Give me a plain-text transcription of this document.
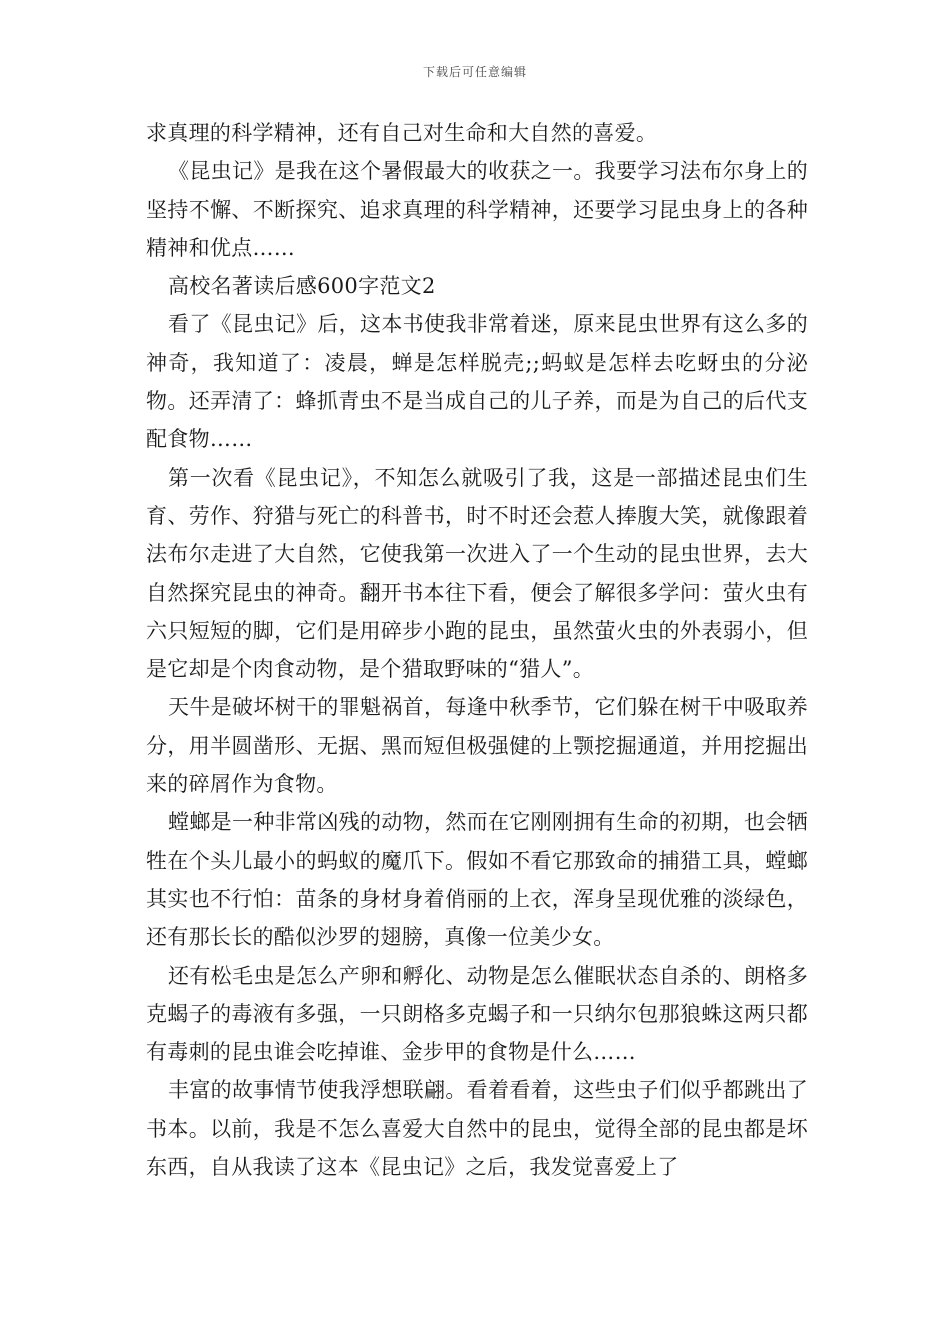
下载后可任意编辑

求真理的科学精神，还有自己对生命和大自然的喜爱。

《昆虫记》是我在这个暑假最大的收获之一。我要学习法布尔身上的坚持不懈、不断探究、追求真理的科学精神，还要学习昆虫身上的各种精神和优点……

高校名著读后感600字范文2

看了《昆虫记》后，这本书使我非常着迷，原来昆虫世界有这么多的神奇，我知道了：凌晨，蝉是怎样脱壳;;蚂蚁是怎样去吃蚜虫的分泌物。还弄清了：蜂抓青虫不是当成自己的儿子养，而是为自己的后代支配食物……

第一次看《昆虫记》，不知怎么就吸引了我，这是一部描述昆虫们生育、劳作、狩猎与死亡的科普书，时不时还会惹人捧腹大笑，就像跟着法布尔走进了大自然，它使我第一次进入了一个生动的昆虫世界，去大自然探究昆虫的神奇。翻开书本往下看，便会了解很多学问：萤火虫有六只短短的脚，它们是用碎步小跑的昆虫，虽然萤火虫的外表弱小，但是它却是个肉食动物，是个猎取野味的“猎人”。

天牛是破坏树干的罪魁祸首，每逢中秋季节，它们躲在树干中吸取养分，用半圆凿形、无据、黑而短但极强健的上颚挖掘通道，并用挖掘出来的碎屑作为食物。

螳螂是一种非常凶残的动物，然而在它刚刚拥有生命的初期，也会牺牲在个头儿最小的蚂蚁的魔爪下。假如不看它那致命的捕猎工具，螳螂其实也不行怕：苗条的身材身着俏丽的上衣，浑身呈现优雅的淡绿色，还有那长长的酷似沙罗的翅膀，真像一位美少女。

还有松毛虫是怎么产卵和孵化、动物是怎么催眠状态自杀的、朗格多克蝎子的毒液有多强，一只朗格多克蝎子和一只纳尔包那狼蛛这两只都有毒刺的昆虫谁会吃掉谁、金步甲的食物是什么……

丰富的故事情节使我浮想联翩。看着看着，这些虫子们似乎都跳出了书本。以前，我是不怎么喜爱大自然中的昆虫，觉得全部的昆虫都是坏东西，自从我读了这本《昆虫记》之后，我发觉喜爱上了
